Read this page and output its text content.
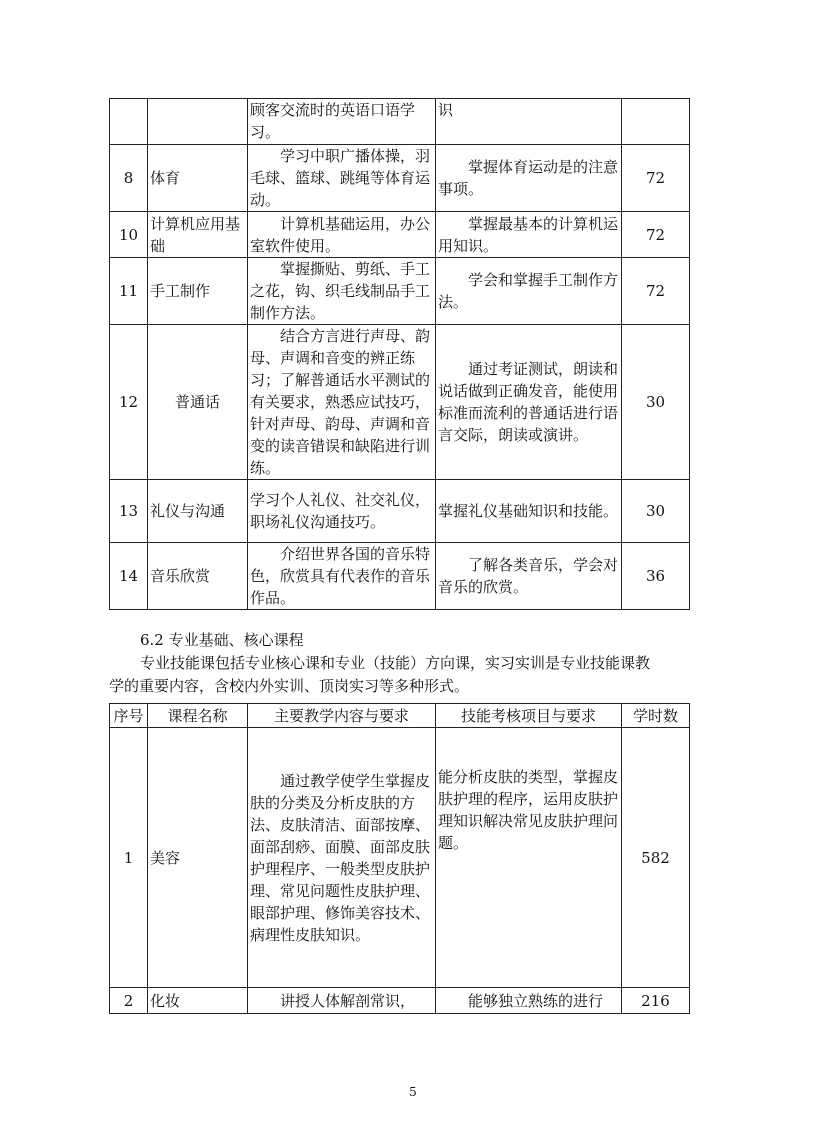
		顾客交流时的英语口语学习。	识	
8	体育	学习中职广播体操，羽毛球、篮球、跳绳等体育运动。	掌握体育运动是的注意事项。	72
10	计算机应用基础	计算机基础运用，办公室软件使用。	掌握最基本的计算机运用知识。	72
11	手工制作	掌握撕贴、剪纸、手工之花，钩、织毛线制品手工制作方法。	学会和掌握手工制作方法。	72
12	普通话	结合方言进行声母、韵母、声调和音变的辨正练习；了解普通话水平测试的有关要求，熟悉应试技巧，针对声母、韵母、声调和音变的读音错误和缺陷进行训练。	通过考证测试，朗读和说话做到正确发音，能使用标准而流利的普通话进行语言交际，朗读或演讲。	30
13	礼仪与沟通	学习个人礼仪、社交礼仪，职场礼仪沟通技巧。	掌握礼仪基础知识和技能。	30
14	音乐欣赏	介绍世界各国的音乐特色，欣赏具有代表作的音乐作品。	了解各类音乐，学会对音乐的欣赏。	36
6.2 专业基础、核心课程
专业技能课包括专业核心课和专业（技能）方向课，实习实训是专业技能课教
学的重要内容，含校内外实训、顶岗实习等多种形式。
序号	课程名称	主要教学内容与要求	技能考核项目与要求	学时数
1	美容	通过教学使学生掌握皮肤的分类及分析皮肤的方法、皮肤清洁、面部按摩、面部刮痧、面膜、面部皮肤护理程序、一般类型皮肤护理、常见问题性皮肤护理、眼部护理、修饰美容技术、病理性皮肤知识。	能分析皮肤的类型，掌握皮肤护理的程序，运用皮肤护理知识解决常见皮肤护理问题。	582
2	化妆	讲授人体解剖常识，	能够独立熟练的进行	216
5
